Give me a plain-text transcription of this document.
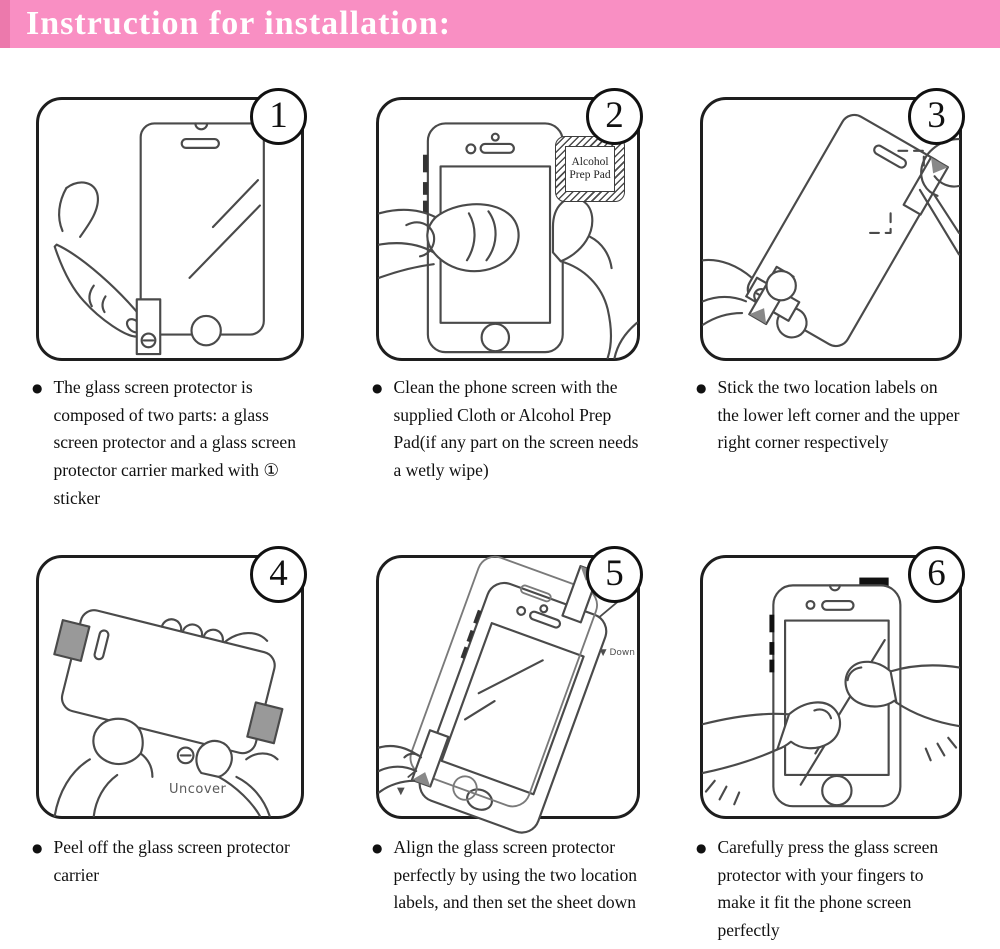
Instruction for installation:
1
Alcohol Prep Pad
2	3
Uncover
4
▼ Down
▼
5	6
● The glass screen protector is composed of two parts: a glass screen protector and a glass screen protector carrier marked with ① sticker
● Clean the phone screen with the supplied Cloth or Alcohol Prep Pad(if any part on the screen needs a wetly wipe)
● Stick the two location labels on the lower left corner and the upper right corner respectively
● Peel off the glass screen protector carrier
● Align the glass screen protector perfectly by using the two location labels, and then set the sheet down
● Carefully press the glass screen protector with your fingers to make it fit the phone screen perfectly
